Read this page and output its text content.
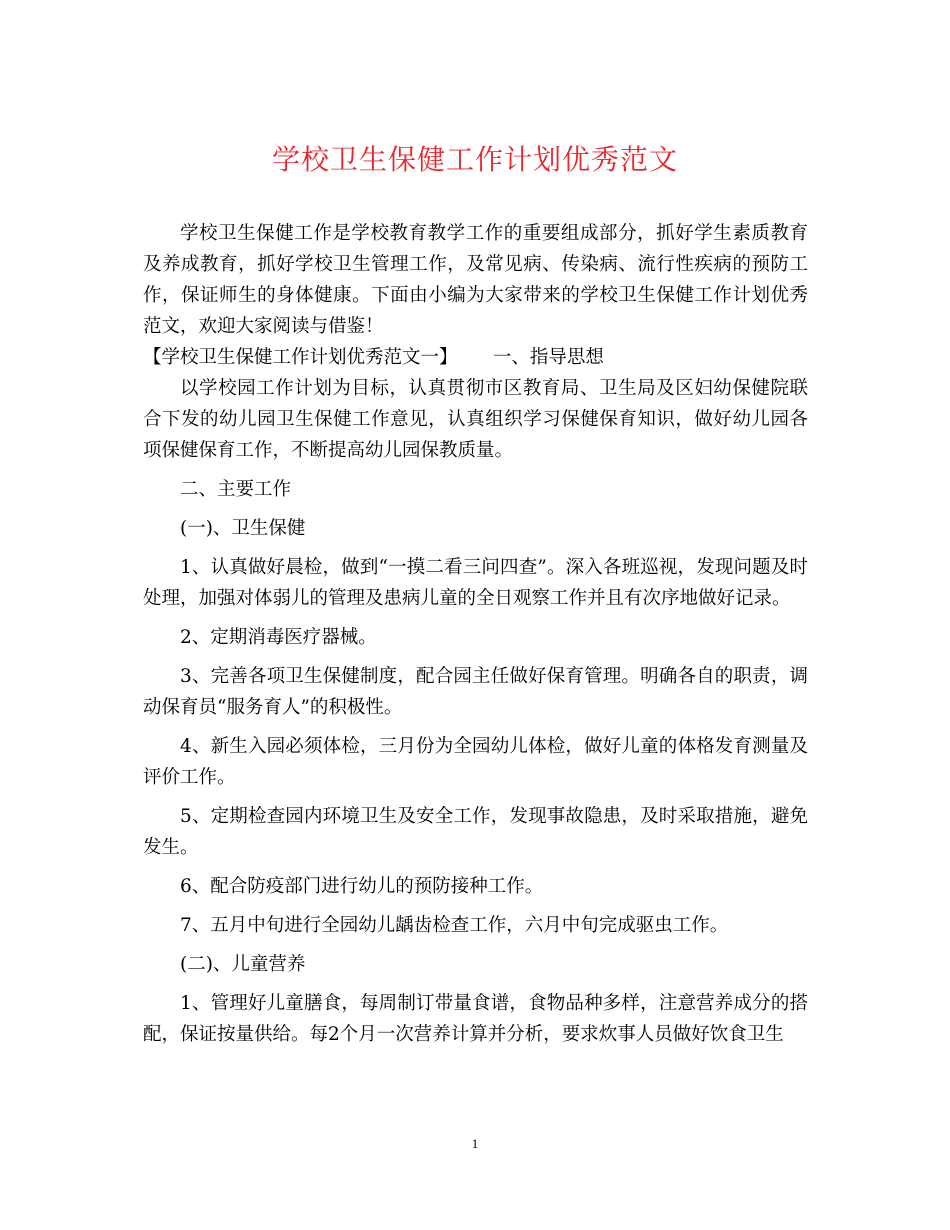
学校卫生保健工作计划优秀范文

学校卫生保健工作是学校教育教学工作的重要组成部分，抓好学生素质教育及养成教育，抓好学校卫生管理工作，及常见病、传染病、流行性疾病的预防工作，保证师生的身体健康。下面由小编为大家带来的学校卫生保健工作计划优秀范文，欢迎大家阅读与借鉴！

【学校卫生保健工作计划优秀范文一】 一、指导思想

以学校园工作计划为目标，认真贯彻市区教育局、卫生局及区妇幼保健院联合下发的幼儿园卫生保健工作意见，认真组织学习保健保育知识，做好幼儿园各项保健保育工作，不断提高幼儿园保教质量。

二、主要工作

(一)、卫生保健

1、认真做好晨检，做到“一摸二看三问四查”。深入各班巡视，发现问题及时处理，加强对体弱儿的管理及患病儿童的全日观察工作并且有次序地做好记录。

2、定期消毒医疗器械。

3、完善各项卫生保健制度，配合园主任做好保育管理。明确各自的职责，调动保育员“服务育人”的积极性。

4、新生入园必须体检，三月份为全园幼儿体检，做好儿童的体格发育测量及评价工作。

5、定期检查园内环境卫生及安全工作，发现事故隐患，及时采取措施，避免发生。

6、配合防疫部门进行幼儿的预防接种工作。

7、五月中旬进行全园幼儿龋齿检查工作，六月中旬完成驱虫工作。

(二)、儿童营养

1、管理好儿童膳食，每周制订带量食谱，食物品种多样，注意营养成分的搭配，保证按量供给。每2个月一次营养计算并分析，要求炊事人员做好饮食卫生

1
